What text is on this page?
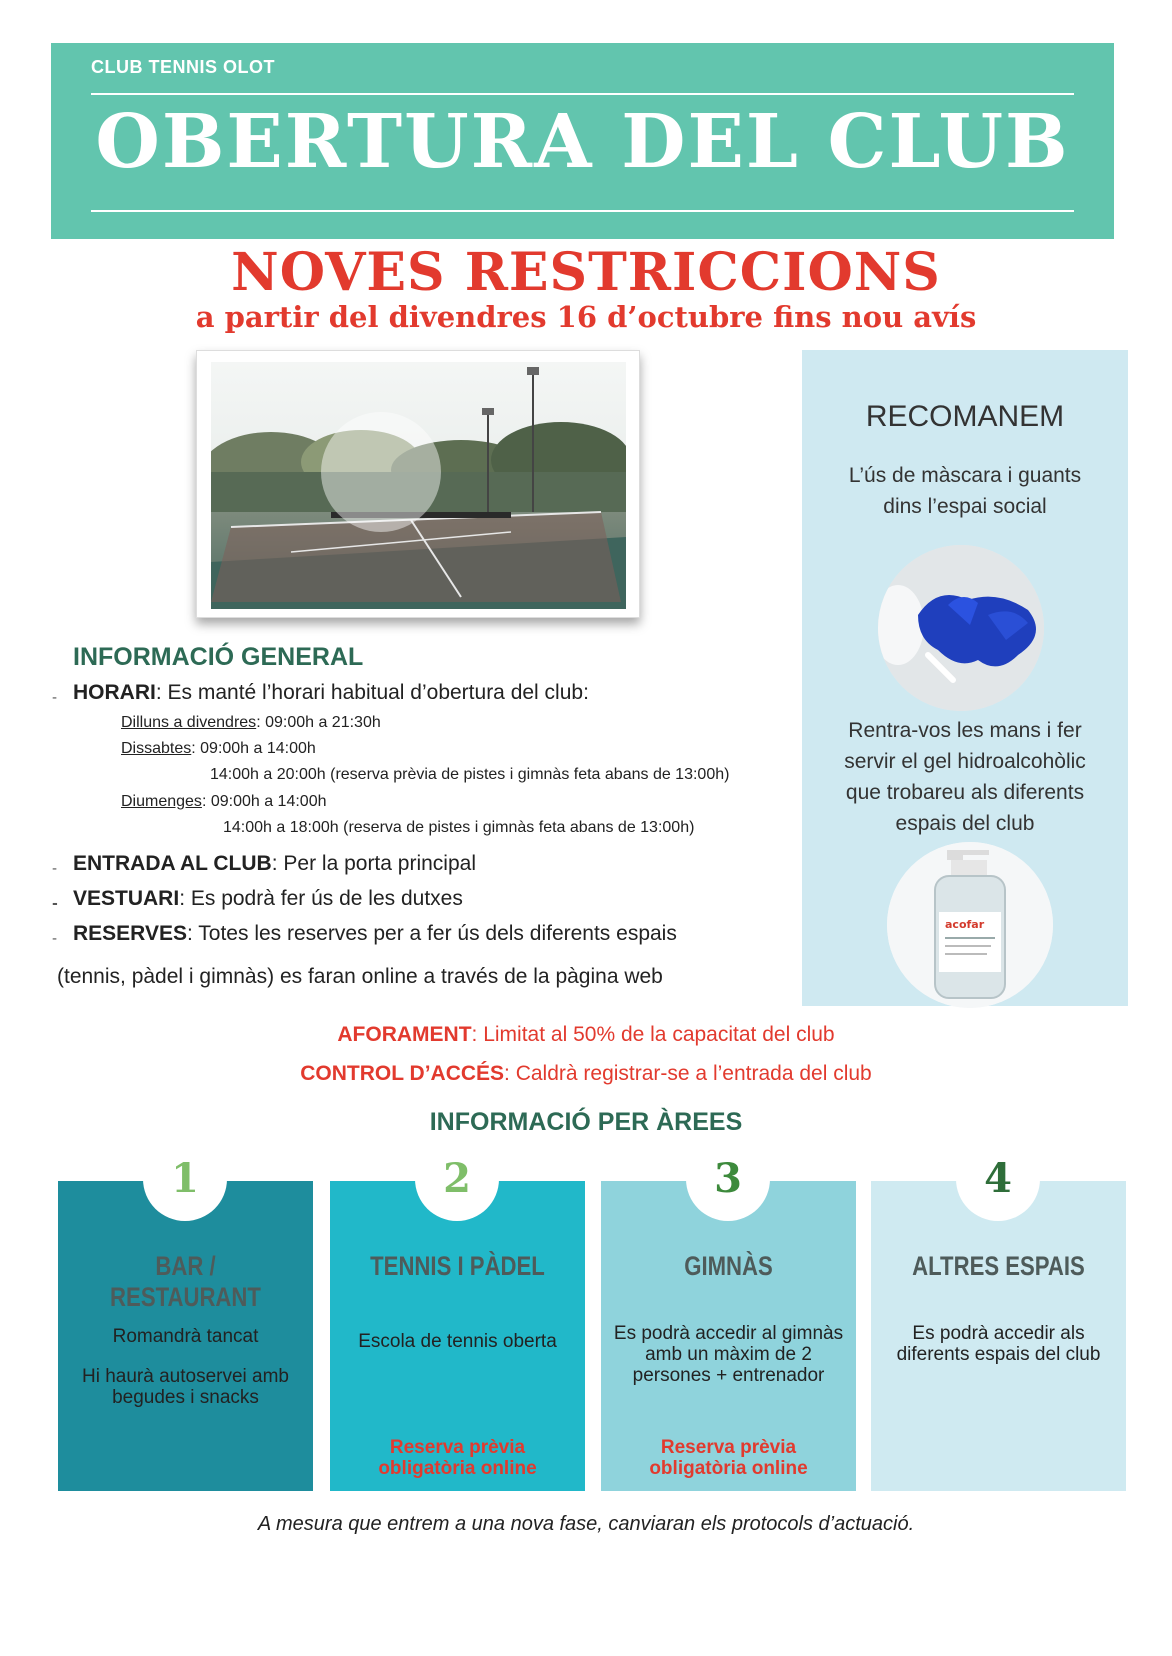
CLUB TENNIS OLOT
OBERTURA DEL CLUB
NOVES RESTRICCIONS
a partir del divendres 16 d’octubre fins nou avís
RECOMANEM
L’ús de màscara i guants
dins l’espai social
Rentra-vos les mans i fer
servir el gel hidroalcohòlic
que trobareu als diferents
espais del club
acofar
INFORMACIÓ GENERAL
- HORARI: Es manté l’horari habitual d’obertura del club:
Dilluns a divendres: 09:00h a 21:30h
Dissabtes: 09:00h a 14:00h
14:00h a 20:00h (reserva prèvia de pistes i gimnàs feta abans de 13:00h)
Diumenges: 09:00h a 14:00h
14:00h a 18:00h (reserva de pistes i gimnàs feta abans de 13:00h)
- ENTRADA AL CLUB: Per la porta principal
- VESTUARI: Es podrà fer ús de les dutxes
- RESERVES: Totes les reserves per a fer ús dels diferents espais
(tennis, pàdel i gimnàs) es faran online a través de la pàgina web
AFORAMENT: Limitat al 50% de la capacitat del club
CONTROL D’ACCÉS: Caldrà registrar-se a l’entrada del club
INFORMACIÓ PER ÀREES
1
BAR / RESTAURANT
Romandrà tancat
Hi haurà autoservei amb begudes i snacks
2
TENNIS I PÀDEL
Escola de tennis oberta
Reserva prèvia obligatòria online
3
GIMNÀS
Es podrà accedir al gimnàs amb un màxim de 2 persones + entrenador
Reserva prèvia obligatòria online
4
ALTRES ESPAIS
Es podrà accedir als diferents espais del club
A mesura que entrem a una nova fase, canviaran els protocols d’actuació.
